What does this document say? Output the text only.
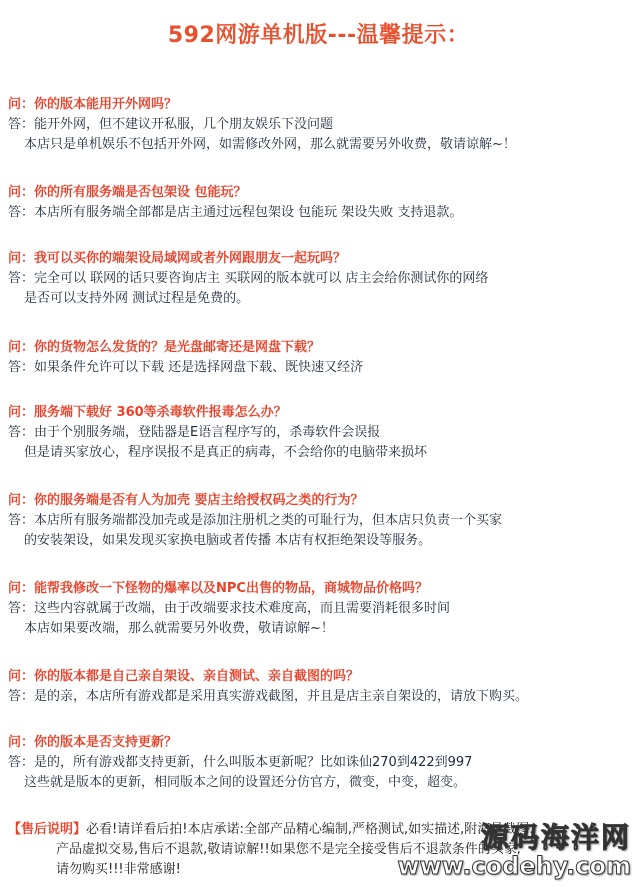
592网游单机版---温馨提示：
问：你的版本能用开外网吗？
答：能开外网，但不建议开私服，几个朋友娱乐下没问题
本店只是单机娱乐不包括开外网，如需修改外网，那么就需要另外收费，敬请谅解~！
问：你的所有服务端是否包架设 包能玩？
答：本店所有服务端全部都是店主通过远程包架设 包能玩 架设失败 支持退款。
问：我可以买你的端架设局域网或者外网跟朋友一起玩吗？
答：完全可以 联网的话只要咨询店主 买联网的版本就可以 店主会给你测试你的网络
是否可以支持外网 测试过程是免费的。
问：你的货物怎么发货的？是光盘邮寄还是网盘下载？
答：如果条件允许可以下载 还是选择网盘下载、既快速又经济
问：服务端下载好 360等杀毒软件报毒怎么办？
答：由于个别服务端，登陆器是E语言程序写的，杀毒软件会误报
但是请买家放心，程序误报不是真正的病毒，不会给你的电脑带来损坏
问：你的服务端是否有人为加壳 要店主给授权码之类的行为？
答：本店所有服务端都没加壳或是添加注册机之类的可耻行为，但本店只负责一个买家
的安装架设，如果发现买家换电脑或者传播 本店有权拒绝架设等服务。
问：能帮我修改一下怪物的爆率以及NPC出售的物品，商城物品价格吗？
答：这些内容就属于改端，由于改端要求技术难度高，而且需要消耗很多时间
本店如果要改端，那么就需要另外收费，敬请谅解~！
问：你的版本都是自己亲自架设、亲自测试、亲自截图的吗？
答：是的亲，本店所有游戏都是采用真实游戏截图，并且是店主亲自架设的，请放下购买。
问：你的版本是否支持更新？
答：是的，所有游戏都支持更新，什么叫版本更新呢？比如诛仙270到422到997
这些就是版本的更新，相同版本之间的设置还分仿官方，微变，中变，超变。
【售后说明】必看!请详看后拍!本店承诺:全部产品精心编制,严格测试,如实描述,附海量截图.
产品虚拟交易,售后不退款,敬请谅解!!如果您不是完全接受售后不退款条件的买家,
请勿购买!!!非常感谢!
源码海洋网
www.codehy.com
